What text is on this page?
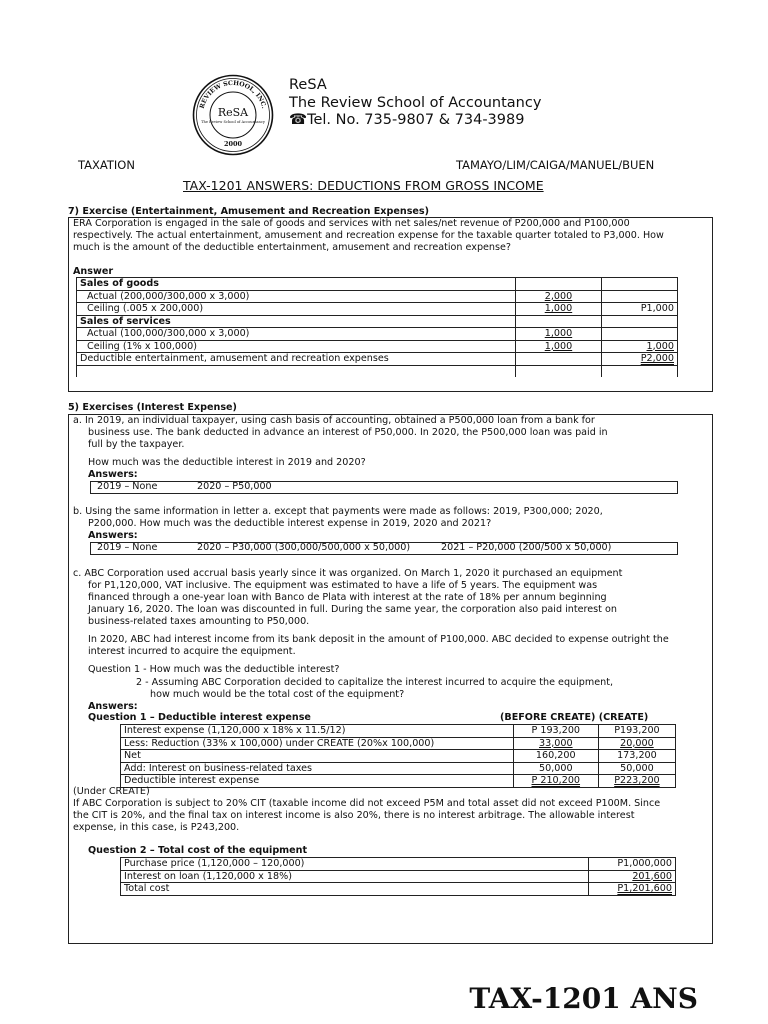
REVIEW SCHOOL, INC.
ReSA
The Review School of Accountancy
2000
ReSA
The Review School of Accountancy
☎Tel. No. 735-9807 & 734-3989
TAXATION	TAMAYO/LIM/CAIGA/MANUEL/BUEN
TAX-1201 ANSWERS: DEDUCTIONS FROM GROSS INCOME
7) Exercise (Entertainment, Amusement and Recreation Expenses)
ERA Corporation is engaged in the sale of goods and services with net sales/net revenue of P200,000 and P100,000
respectively. The actual entertainment, amusement and recreation expense for the taxable quarter totaled to P3,000. How
much is the amount of the deductible entertainment, amusement and recreation expense?
Answer
Sales of goods		
Actual (200,000/300,000 x 3,000)	2,000	
Ceiling (.005 x 200,000)	1,000	P1,000
Sales of services		
Actual (100,000/300,000 x 3,000)	1,000	
Ceiling (1% x 100,000)	1,000	1,000
Deductible entertainment, amusement and recreation expenses		P2,000

5) Exercises (Interest Expense)
a. In 2019, an individual taxpayer, using cash basis of accounting, obtained a P500,000 loan from a bank for
business use. The bank deducted in advance an interest of P50,000. In 2020, the P500,000 loan was paid in
full by the taxpayer.
How much was the deductible interest in 2019 and 2020?
Answers:
2019 – None	2020 – P50,000
b. Using the same information in letter a. except that payments were made as follows: 2019, P300,000; 2020,
P200,000. How much was the deductible interest expense in 2019, 2020 and 2021?
Answers:
2019 – None	2020 – P30,000 (300,000/500,000 x 50,000)	2021 – P20,000 (200/500 x 50,000)
c. ABC Corporation used accrual basis yearly since it was organized. On March 1, 2020 it purchased an equipment
for P1,120,000, VAT inclusive. The equipment was estimated to have a life of 5 years. The equipment was
financed through a one-year loan with Banco de Plata with interest at the rate of 18% per annum beginning
January 16, 2020. The loan was discounted in full. During the same year, the corporation also paid interest on
business-related taxes amounting to P50,000.
In 2020, ABC had interest income from its bank deposit in the amount of P100,000. ABC decided to expense outright the
interest incurred to acquire the equipment.
Question 1 - How much was the deductible interest?
2 - Assuming ABC Corporation decided to capitalize the interest incurred to acquire the equipment,
how much would be the total cost of the equipment?
Answers:
Question 1 – Deductible interest expense	(BEFORE CREATE) (CREATE)
Interest expense (1,120,000 x 18% x 11.5/12)	P 193,200	P193,200
Less: Reduction (33% x 100,000) under CREATE (20%x 100,000)	33,000	20,000
Net	160,200	173,200
Add: Interest on business-related taxes	50,000	50,000
Deductible interest expense	P 210,200	P223,200
(Under CREATE)
If ABC Corporation is subject to 20% CIT (taxable income did not exceed P5M and total asset did not exceed P100M. Since
the CIT is 20%, and the final tax on interest income is also 20%, there is no interest arbitrage. The allowable interest
expense, in this case, is P243,200.
Question 2 – Total cost of the equipment
Purchase price (1,120,000 – 120,000)	P1,000,000
Interest on loan (1,120,000 x 18%)	201,600
Total cost	P1,201,600
TAX-1201 ANS
